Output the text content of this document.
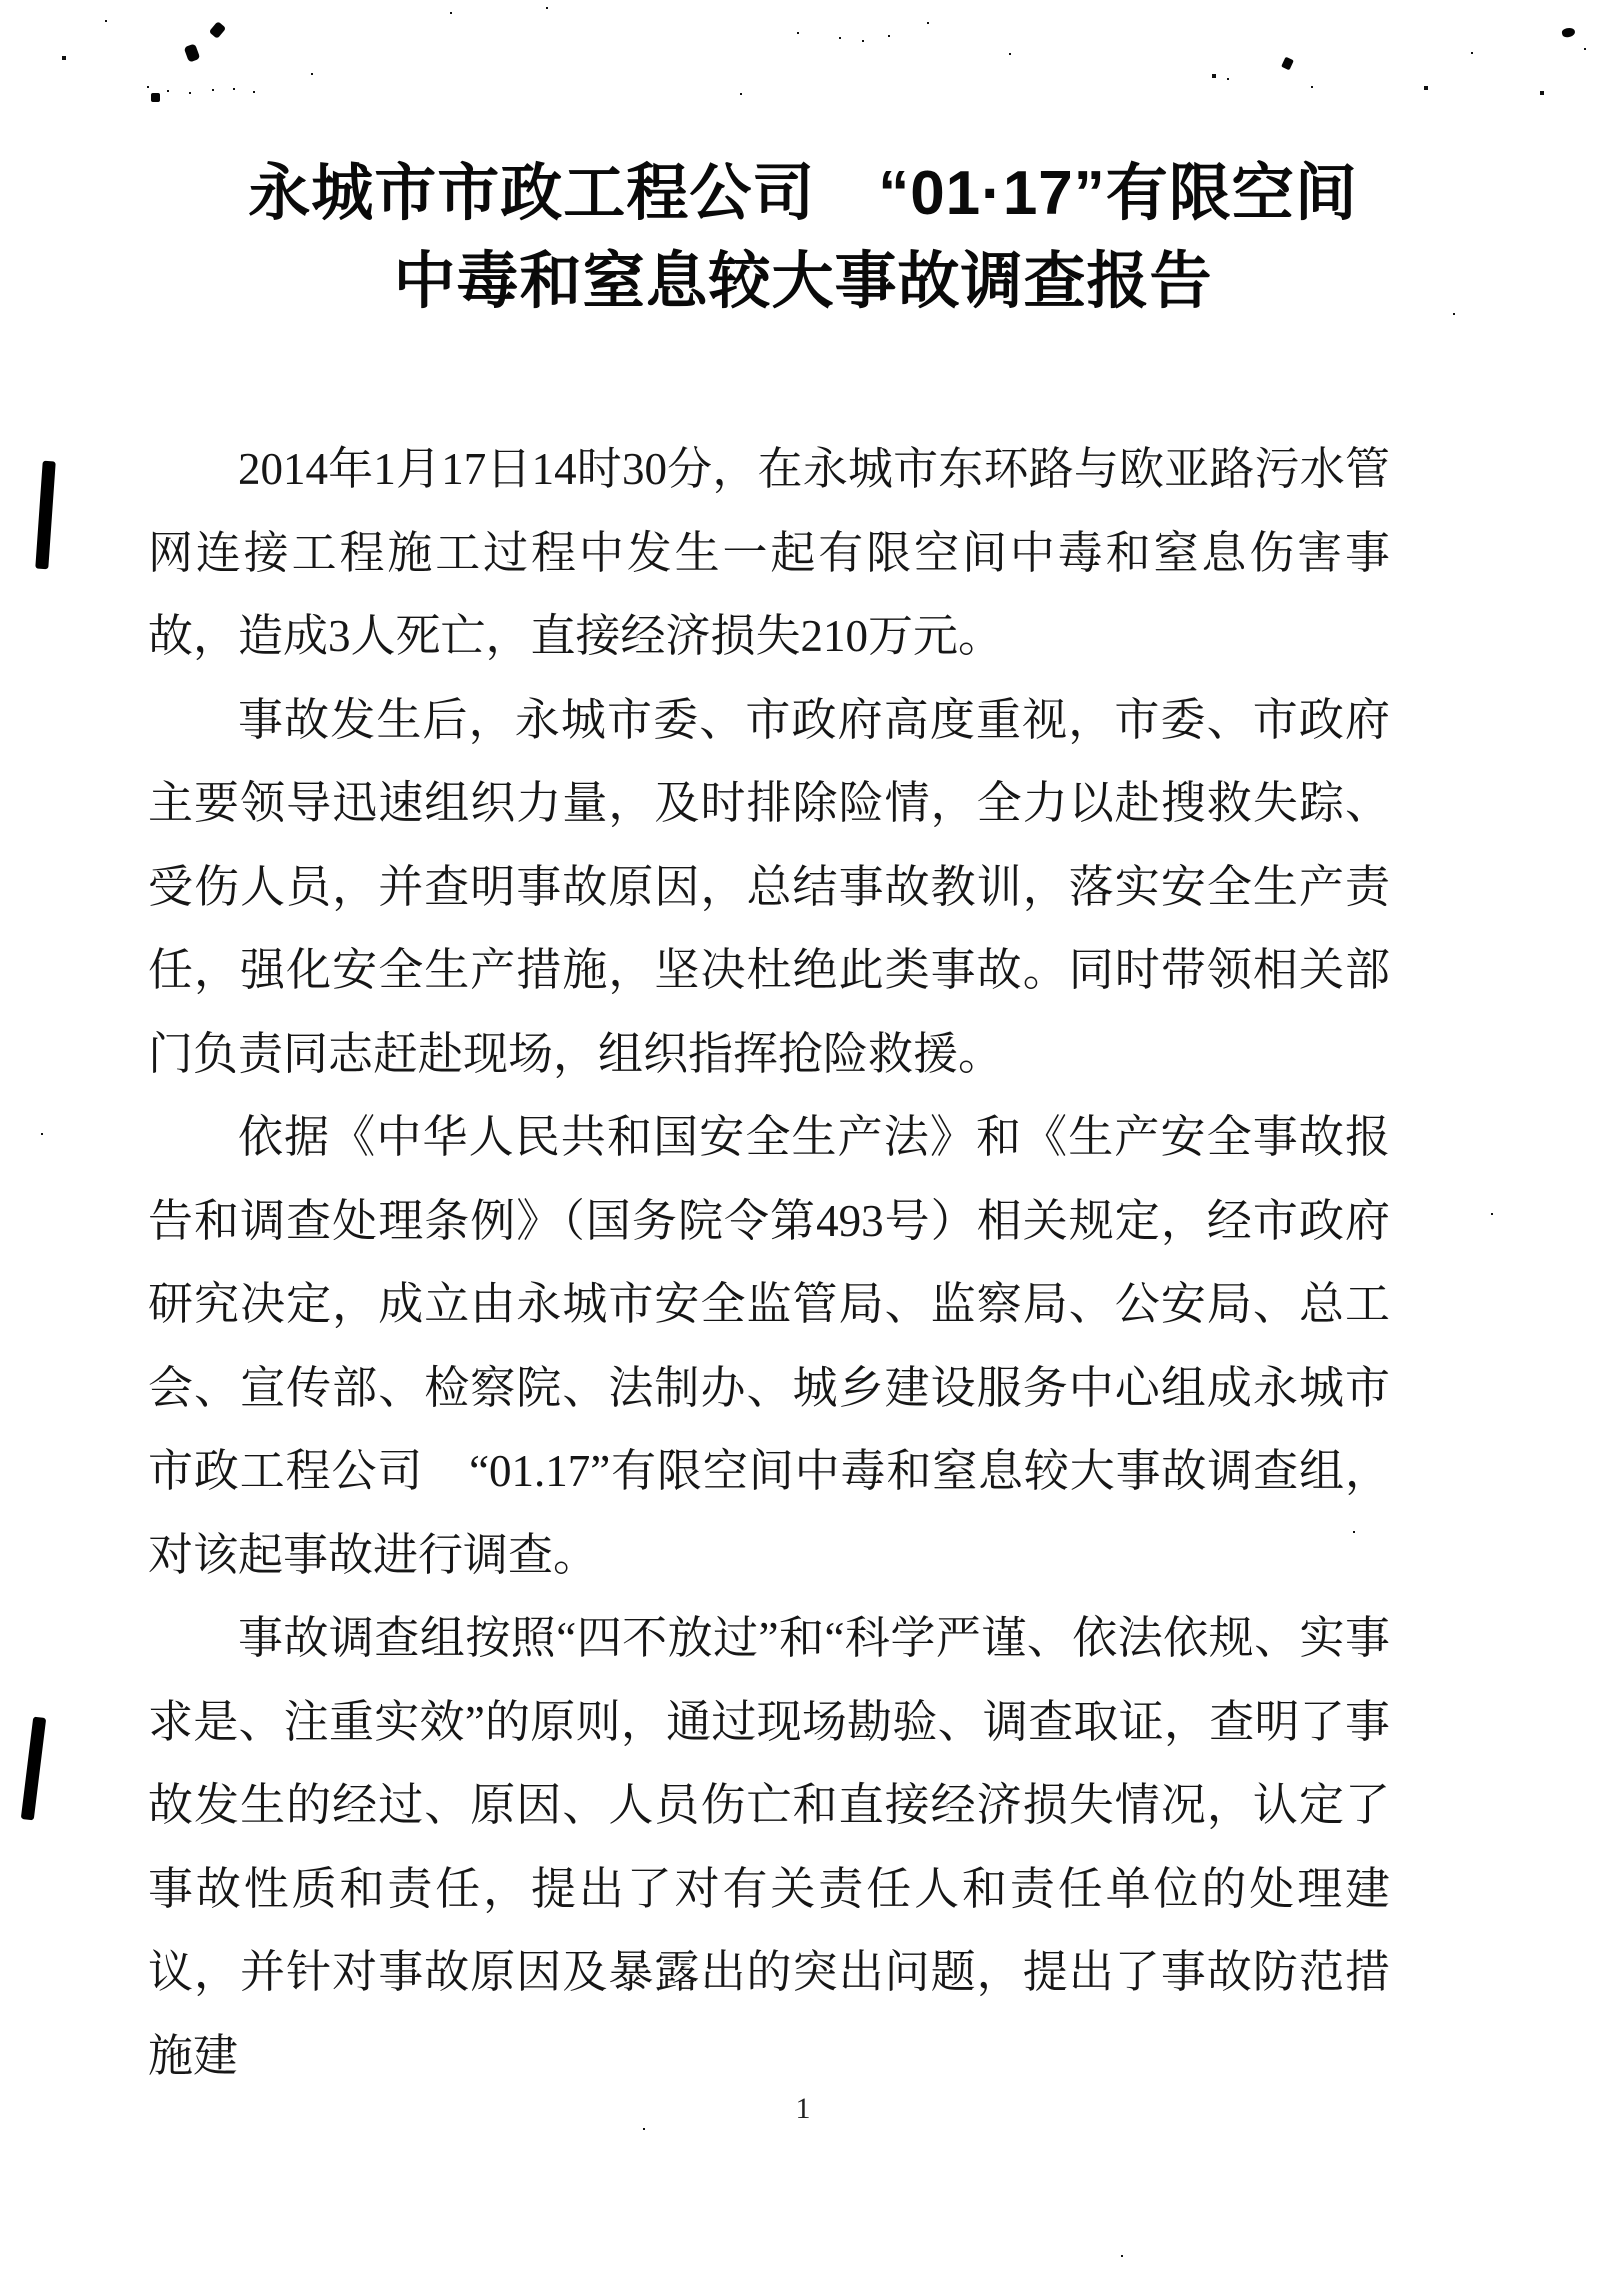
永城市市政工程公司　“01·17”有限空间
中毒和窒息较大事故调查报告

2014年1月17日14时30分，在永城市东环路与欧亚路污水管网连接工程施工过程中发生一起有限空间中毒和窒息伤害事故，造成3人死亡，直接经济损失210万元。

事故发生后，永城市委、市政府高度重视，市委、市政府主要领导迅速组织力量，及时排除险情，全力以赴搜救失踪、受伤人员，并查明事故原因，总结事故教训，落实安全生产责任，强化安全生产措施，坚决杜绝此类事故。同时带领相关部门负责同志赶赴现场，组织指挥抢险救援。

依据《中华人民共和国安全生产法》和《生产安全事故报告和调查处理条例》（国务院令第493号）相关规定，经市政府研究决定，成立由永城市安全监管局、监察局、公安局、总工会、宣传部、检察院、法制办、城乡建设服务中心组成永城市市政工程公司　“01.17”有限空间中毒和窒息较大事故调查组，对该起事故进行调查。

事故调查组按照“四不放过”和“科学严谨、依法依规、实事求是、注重实效”的原则，通过现场勘验、调查取证，查明了事故发生的经过、原因、人员伤亡和直接经济损失情况，认定了事故性质和责任，提出了对有关责任人和责任单位的处理建议，并针对事故原因及暴露出的突出问题，提出了事故防范措施建

1
